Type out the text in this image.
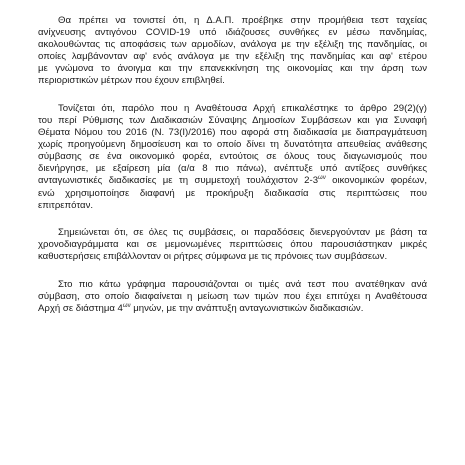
Θα πρέπει να τονιστεί ότι, η Δ.Α.Π. προέβηκε στην προμήθεια τεστ ταχείας
ανίχνευσης αντιγόνου COVID-19 υπό ιδιάζουσες συνθήκες εν μέσω πανδημίας,
ακολουθώντας τις αποφάσεις των αρμοδίων, ανάλογα με την εξέλιξη της πανδημίας, οι
οποίες λαμβάνονταν αφ' ενός ανάλογα με την εξέλιξη της πανδημίας και αφ' ετέρου
με γνώμονα το άνοιγμα και την επανεκκίνηση της οικονομίας και την άρση των
περιοριστικών μέτρων που έχουν επιβληθεί.

Τονίζεται ότι, παρόλο που η Αναθέτουσα Αρχή επικαλέστηκε το άρθρο 29(2)(γ)
του περί Ρύθμισης των Διαδικασιών Σύναψης Δημοσίων Συμβάσεων και για Συναφή
Θέματα Νόμου του 2016 (Ν. 73(Ι)/2016) που αφορά στη διαδικασία με διαπραγμάτευση
χωρίς προηγούμενη δημοσίευση και το οποίο δίνει τη δυνατότητα απευθείας ανάθεσης
σύμβασης σε ένα οικονομικό φορέα, εντούτοις σε όλους τους διαγωνισμούς που
διενήργησε, με εξαίρεση μία (α/α 8 πιο πάνω), ανέπτυξε υπό αντίξοες συνθήκες
ανταγωνιστικές διαδικασίες με τη συμμετοχή τουλάχιστον $2-3^{\omega\nu}$ οικονομικών φορέων,
ενώ χρησιμοποίησε διαφανή με προκήρυξη διαδικασία στις περιπτώσεις που
επιτρεπόταν.

Σημειώνεται ότι, σε όλες τις συμβάσεις, οι παραδόσεις διενεργούνταν με βάση τα
χρονοδιαγράμματα και σε μεμονωμένες περιπτώσεις όπου παρουσιάστηκαν μικρές
καθυστερήσεις επιβάλλονταν οι ρήτρες σύμφωνα με τις πρόνοιες των συμβάσεων.

Στο πιο κάτω γράφημα παρουσιάζονται οι τιμές ανά τεστ που ανατέθηκαν ανά
σύμβαση, στο οποίο διαφαίνεται η μείωση των τιμών που έχει επιτύχει η Αναθέτουσα
Αρχή σε διάστημα $4^{\omega\nu}$ μηνών, με την ανάπτυξη ανταγωνιστικών διαδικασιών.
